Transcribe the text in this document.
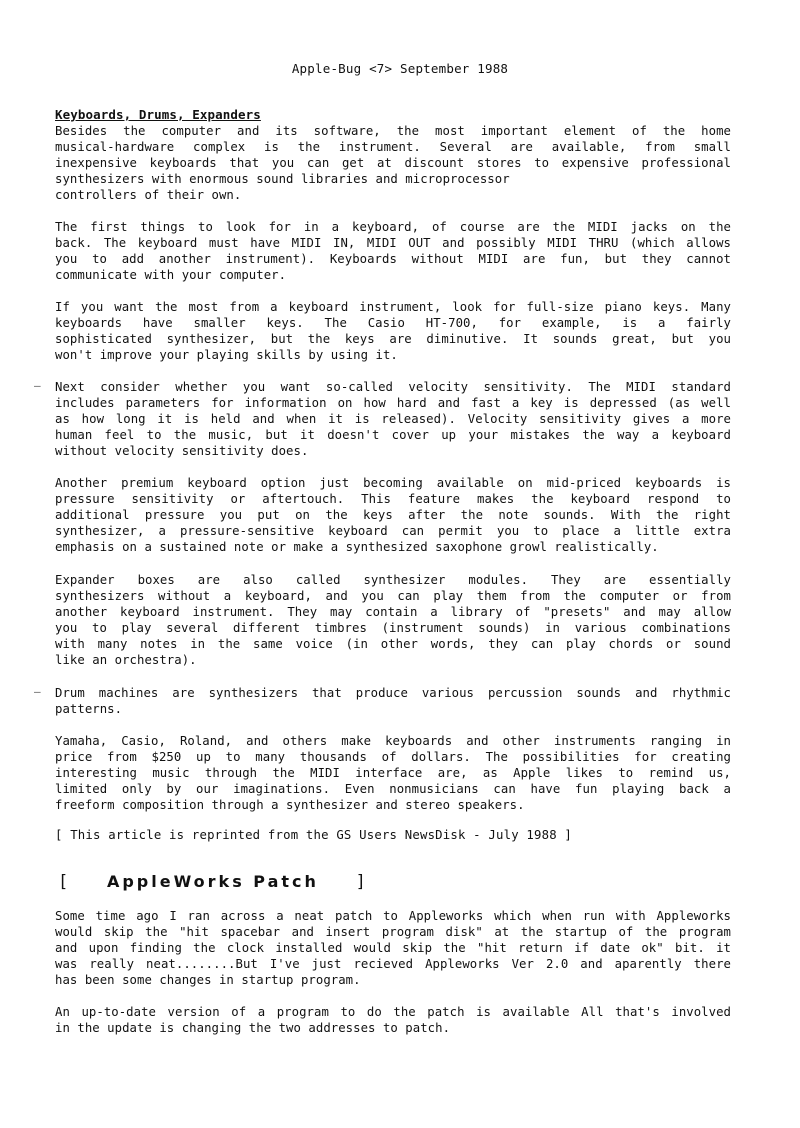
Apple-Bug <7> September 1988
Keyboards, Drums, Expanders
Besides the computer and its software, the most important element of the home
musical-hardware complex is the instrument. Several are available, from small
inexpensive keyboards that you can get at discount stores to expensive professional
synthesizers with enormous sound libraries and microprocessor
controllers of their own.
The first things to look for in a keyboard, of course are the MIDI jacks on the
back. The keyboard must have MIDI IN, MIDI OUT and possibly MIDI THRU (which allows
you to add another instrument). Keyboards without MIDI are fun, but they cannot
communicate with your computer.
If you want the most from a keyboard instrument, look for full-size piano keys. Many
keyboards have smaller keys. The Casio HT-700, for example, is a fairly
sophisticated synthesizer, but the keys are diminutive. It sounds great, but you
won't improve your playing skills by using it.
– Next consider whether you want so-called velocity sensitivity. The MIDI standard
includes parameters for information on how hard and fast a key is depressed (as well
as how long it is held and when it is released). Velocity sensitivity gives a more
human feel to the music, but it doesn't cover up your mistakes the way a keyboard
without velocity sensitivity does.
Another premium keyboard option just becoming available on mid-priced keyboards is
pressure sensitivity or aftertouch. This feature makes the keyboard respond to
additional pressure you put on the keys after the note sounds. With the right
synthesizer, a pressure-sensitive keyboard can permit you to place a little extra
emphasis on a sustained note or make a synthesized saxophone growl realistically.
Expander boxes are also called synthesizer modules. They are essentially
synthesizers without a keyboard, and you can play them from the computer or from
another keyboard instrument. They may contain a library of "presets" and may allow
you to play several different timbres (instrument sounds) in various combinations
with many notes in the same voice (in other words, they can play chords or sound
like an orchestra).
– Drum machines are synthesizers that produce various percussion sounds and rhythmic
patterns.
Yamaha, Casio, Roland, and others make keyboards and other instruments ranging in
price from $250 up to many thousands of dollars. The possibilities for creating
interesting music through the MIDI interface are, as Apple likes to remind us,
limited only by our imaginations. Even nonmusicians can have fun playing back a
freeform composition through a synthesizer and stereo speakers.
[ This article is reprinted from the GS Users NewsDisk - July 1988 ]
[ AppleWorks Patch ]
Some time ago I ran across a neat patch to Appleworks which when run with Appleworks
would skip the "hit spacebar and insert program disk" at the startup of the program
and upon finding the clock installed would skip the "hit return if date ok" bit. it
was really neat........But I've just recieved Appleworks Ver 2.0 and aparently there
has been some changes in startup program.
An up-to-date version of a program to do the patch is available All that's involved
in the update is changing the two addresses to patch.
